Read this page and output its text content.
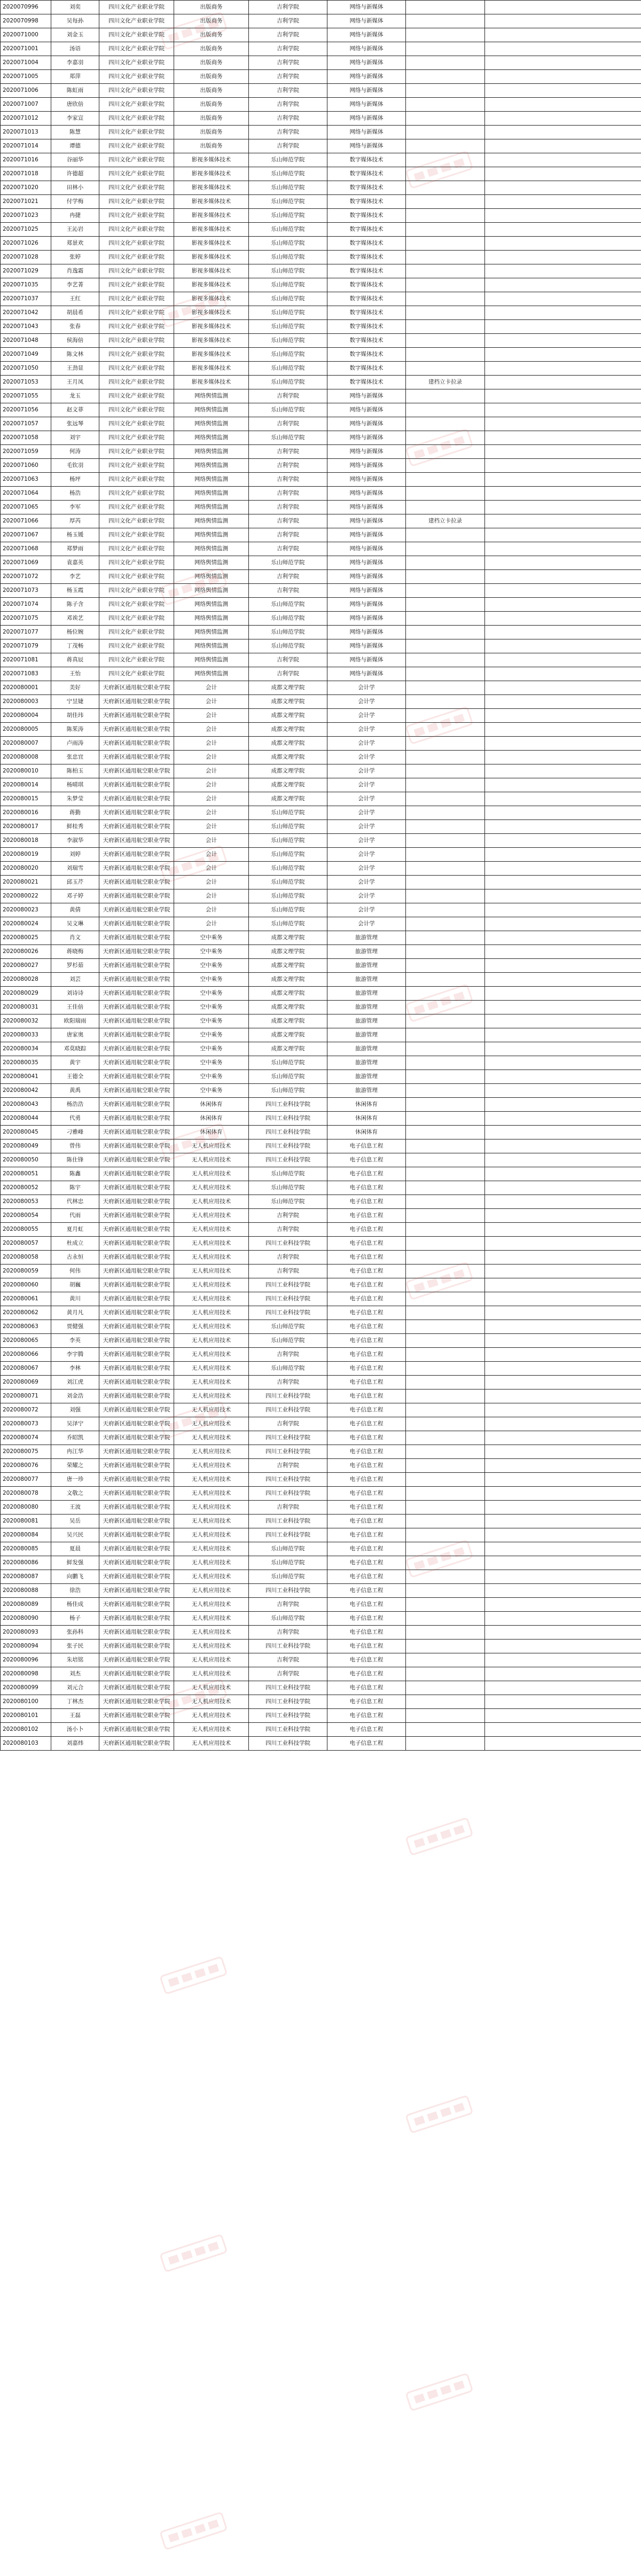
2020070996	刘奕	四川文化产业职业学院	出版商务	吉利学院	网络与新媒体		
2020070998	吴每孙	四川文化产业职业学院	出版商务	吉利学院	网络与新媒体		
2020071000	刘金玉	四川文化产业职业学院	出版商务	吉利学院	网络与新媒体		
2020071001	汤语	四川文化产业职业学院	出版商务	吉利学院	网络与新媒体		
2020071004	李嘉羽	四川文化产业职业学院	出版商务	吉利学院	网络与新媒体		
2020071005	郑萍	四川文化产业职业学院	出版商务	吉利学院	网络与新媒体		
2020071006	陈虹雨	四川文化产业职业学院	出版商务	吉利学院	网络与新媒体		
2020071007	唐欣倍	四川文化产业职业学院	出版商务	吉利学院	网络与新媒体		
2020071012	李家宣	四川文化产业职业学院	出版商务	吉利学院	网络与新媒体		
2020071013	陈慧	四川文化产业职业学院	出版商务	吉利学院	网络与新媒体		
2020071014	谭德	四川文化产业职业学院	出版商务	吉利学院	网络与新媒体		
2020071016	谷丽华	四川文化产业职业学院	影视多媒体技术	乐山师范学院	数字媒体技术		
2020071018	许德超	四川文化产业职业学院	影视多媒体技术	乐山师范学院	数字媒体技术		
2020071020	田林小	四川文化产业职业学院	影视多媒体技术	乐山师范学院	数字媒体技术		
2020071021	付学梅	四川文化产业职业学院	影视多媒体技术	乐山师范学院	数字媒体技术		
2020071023	冉捷	四川文化产业职业学院	影视多媒体技术	乐山师范学院	数字媒体技术		
2020071025	王沁岩	四川文化产业职业学院	影视多媒体技术	乐山师范学院	数字媒体技术		
2020071026	郑景欢	四川文化产业职业学院	影视多媒体技术	乐山师范学院	数字媒体技术		
2020071028	张婷	四川文化产业职业学院	影视多媒体技术	乐山师范学院	数字媒体技术		
2020071029	肖逸霜	四川文化产业职业学院	影视多媒体技术	乐山师范学院	数字媒体技术		
2020071035	李艺菁	四川文化产业职业学院	影视多媒体技术	乐山师范学院	数字媒体技术		
2020071037	王红	四川文化产业职业学院	影视多媒体技术	乐山师范学院	数字媒体技术		
2020071042	胡晨希	四川文化产业职业学院	影视多媒体技术	乐山师范学院	数字媒体技术		
2020071043	张春	四川文化产业职业学院	影视多媒体技术	乐山师范学院	数字媒体技术		
2020071048	侯海倍	四川文化产业职业学院	影视多媒体技术	乐山师范学院	数字媒体技术		
2020071049	陈文林	四川文化产业职业学院	影视多媒体技术	乐山师范学院	数字媒体技术		
2020071050	王劲显	四川文化产业职业学院	影视多媒体技术	乐山师范学院	数字媒体技术		
2020071053	王月凤	四川文化产业职业学院	影视多媒体技术	乐山师范学院	数字媒体技术	建档立卡拉录	
2020071055	龙玉	四川文化产业职业学院	网络舆情监测	吉利学院	网络与新媒体		
2020071056	赵文菲	四川文化产业职业学院	网络舆情监测	乐山师范学院	网络与新媒体		
2020071057	张远琴	四川文化产业职业学院	网络舆情监测	吉利学院	网络与新媒体		
2020071058	刘宇	四川文化产业职业学院	网络舆情监测	乐山师范学院	网络与新媒体		
2020071059	何涛	四川文化产业职业学院	网络舆情监测	吉利学院	网络与新媒体		
2020071060	毛钦羽	四川文化产业职业学院	网络舆情监测	吉利学院	网络与新媒体		
2020071063	杨坪	四川文化产业职业学院	网络舆情监测	吉利学院	网络与新媒体		
2020071064	杨浩	四川文化产业职业学院	网络舆情监测	吉利学院	网络与新媒体		
2020071065	李军	四川文化产业职业学院	网络舆情监测	吉利学院	网络与新媒体		
2020071066	厚芮	四川文化产业职业学院	网络舆情监测	吉利学院	网络与新媒体	建档立卡拉录	
2020071067	杨玉媛	四川文化产业职业学院	网络舆情监测	吉利学院	网络与新媒体		
2020071068	郑梦雨	四川文化产业职业学院	网络舆情监测	吉利学院	网络与新媒体		
2020071069	袁嘉英	四川文化产业职业学院	网络舆情监测	乐山师范学院	网络与新媒体		
2020071072	李艺	四川文化产业职业学院	网络舆情监测	吉利学院	网络与新媒体		
2020071073	杨玉霞	四川文化产业职业学院	网络舆情监测	吉利学院	网络与新媒体		
2020071074	陈子含	四川文化产业职业学院	网络舆情监测	乐山师范学院	网络与新媒体		
2020071075	邓诶艺	四川文化产业职业学院	网络舆情监测	乐山师范学院	网络与新媒体		
2020071077	杨位婉	四川文化产业职业学院	网络舆情监测	乐山师范学院	网络与新媒体		
2020071079	丁茂畅	四川文化产业职业学院	网络舆情监测	乐山师范学院	网络与新媒体		
2020071081	蒋真辰	四川文化产业职业学院	网络舆情监测	吉利学院	网络与新媒体		
2020071083	王怡	四川文化产业职业学院	网络舆情监测	吉利学院	网络与新媒体		
2020080001	美好	天府新区通用航空职业学院	会计	成都文理学院	会计学		
2020080003	宁昱婕	天府新区通用航空职业学院	会计	成都文理学院	会计学		
2020080004	胡佳玮	天府新区通用航空职业学院	会计	成都文理学院	会计学		
2020080005	陈茱涛	天府新区通用航空职业学院	会计	成都文理学院	会计学		
2020080007	卢雨涛	天府新区通用航空职业学院	会计	成都文理学院	会计学		
2020080008	张忠宜	天府新区通用航空职业学院	会计	成都文理学院	会计学		
2020080010	陈柏玉	天府新区通用航空职业学院	会计	成都文理学院	会计学		
2020080014	杨晴琪	天府新区通用航空职业学院	会计	成都文理学院	会计学		
2020080015	朱梦莹	天府新区通用航空职业学院	会计	成都文理学院	会计学		
2020080016	蒋勤	天府新区通用航空职业学院	会计	乐山师范学院	会计学		
2020080017	鲜桂秀	天府新区通用航空职业学院	会计	乐山师范学院	会计学		
2020080018	李淑华	天府新区通用航空职业学院	会计	乐山师范学院	会计学		
2020080019	刘婷	天府新区通用航空职业学院	会计	乐山师范学院	会计学		
2020080020	刘瑞雪	天府新区通用航空职业学院	会计	乐山师范学院	会计学		
2020080021	邱玉芹	天府新区通用航空职业学院	会计	乐山师范学院	会计学		
2020080022	邓子婷	天府新区通用航空职业学院	会计	乐山师范学院	会计学		
2020080023	黄倩	天府新区通用航空职业学院	会计	乐山师范学院	会计学		
2020080024	吴文琳	天府新区通用航空职业学院	会计	乐山师范学院	会计学		
2020080025	肖文	天府新区通用航空职业学院	空中乘务	成都文理学院	旅游管理		
2020080026	蒋晓梅	天府新区通用航空职业学院	空中乘务	成都文理学院	旅游管理		
2020080027	罗杉茹	天府新区通用航空职业学院	空中乘务	成都文理学院	旅游管理		
2020080028	刘芸	天府新区通用航空职业学院	空中乘务	成都文理学院	旅游管理		
2020080029	刘诗诗	天府新区通用航空职业学院	空中乘务	成都文理学院	旅游管理		
2020080031	王佳倍	天府新区通用航空职业学院	空中乘务	成都文理学院	旅游管理		
2020080032	欧阳瑞雨	天府新区通用航空职业学院	空中乘务	成都文理学院	旅游管理		
2020080033	唐家奥	天府新区通用航空职业学院	空中乘务	成都文理学院	旅游管理		
2020080034	邓莫晓踪	天府新区通用航空职业学院	空中乘务	成都文理学院	旅游管理		
2020080035	黄宇	天府新区通用航空职业学院	空中乘务	乐山师范学院	旅游管理		
2020080041	王德全	天府新区通用航空职业学院	空中乘务	乐山师范学院	旅游管理		
2020080042	黄禹	天府新区通用航空职业学院	空中乘务	乐山师范学院	旅游管理		
2020080043	杨浩浩	天府新区通用航空职业学院	休闲体育	四川工业科技学院	休闲体育		
2020080044	代勇	天府新区通用航空职业学院	休闲体育	四川工业科技学院	休闲体育		
2020080045	刁雅峰	天府新区通用航空职业学院	休闲体育	四川工业科技学院	休闲体育		
2020080049	曾伟	天府新区通用航空职业学院	无人机应用技术	四川工业科技学院	电子信息工程		
2020080050	陈仕锋	天府新区通用航空职业学院	无人机应用技术	四川工业科技学院	电子信息工程		
2020080051	陈鑫	天府新区通用航空职业学院	无人机应用技术	乐山师范学院	电子信息工程		
2020080052	陈宇	天府新区通用航空职业学院	无人机应用技术	乐山师范学院	电子信息工程		
2020080053	代林忠	天府新区通用航空职业学院	无人机应用技术	乐山师范学院	电子信息工程		
2020080054	代雨	天府新区通用航空职业学院	无人机应用技术	吉利学院	电子信息工程		
2020080055	夏月虹	天府新区通用航空职业学院	无人机应用技术	吉利学院	电子信息工程		
2020080057	杜成立	天府新区通用航空职业学院	无人机应用技术	四川工业科技学院	电子信息工程		
2020080058	古永恒	天府新区通用航空职业学院	无人机应用技术	吉利学院	电子信息工程		
2020080059	何伟	天府新区通用航空职业学院	无人机应用技术	吉利学院	电子信息工程		
2020080060	胡巍	天府新区通用航空职业学院	无人机应用技术	四川工业科技学院	电子信息工程		
2020080061	黄川	天府新区通用航空职业学院	无人机应用技术	四川工业科技学院	电子信息工程		
2020080062	黄月凡	天府新区通用航空职业学院	无人机应用技术	四川工业科技学院	电子信息工程		
2020080063	贾健强	天府新区通用航空职业学院	无人机应用技术	乐山师范学院	电子信息工程		
2020080065	李英	天府新区通用航空职业学院	无人机应用技术	乐山师范学院	电子信息工程		
2020080066	李宇腾	天府新区通用航空职业学院	无人机应用技术	吉利学院	电子信息工程		
2020080067	李林	天府新区通用航空职业学院	无人机应用技术	乐山师范学院	电子信息工程		
2020080069	刘江虎	天府新区通用航空职业学院	无人机应用技术	吉利学院	电子信息工程		
2020080071	刘金浩	天府新区通用航空职业学院	无人机应用技术	四川工业科技学院	电子信息工程		
2020080072	刘强	天府新区通用航空职业学院	无人机应用技术	四川工业科技学院	电子信息工程		
2020080073	吴泽宁	天府新区通用航空职业学院	无人机应用技术	吉利学院	电子信息工程		
2020080074	乔昭凯	天府新区通用航空职业学院	无人机应用技术	四川工业科技学院	电子信息工程		
2020080075	冉江华	天府新区通用航空职业学院	无人机应用技术	四川工业科技学院	电子信息工程		
2020080076	荣耀之	天府新区通用航空职业学院	无人机应用技术	吉利学院	电子信息工程		
2020080077	唐一珍	天府新区通用航空职业学院	无人机应用技术	四川工业科技学院	电子信息工程		
2020080078	文敬之	天府新区通用航空职业学院	无人机应用技术	四川工业科技学院	电子信息工程		
2020080080	王波	天府新区通用航空职业学院	无人机应用技术	吉利学院	电子信息工程		
2020080081	吴岳	天府新区通用航空职业学院	无人机应用技术	四川工业科技学院	电子信息工程		
2020080084	吴兴民	天府新区通用航空职业学院	无人机应用技术	四川工业科技学院	电子信息工程		
2020080085	夏晨	天府新区通用航空职业学院	无人机应用技术	乐山师范学院	电子信息工程		
2020080086	鲜发强	天府新区通用航空职业学院	无人机应用技术	乐山师范学院	电子信息工程		
2020080087	向鹏飞	天府新区通用航空职业学院	无人机应用技术	乐山师范学院	电子信息工程		
2020080088	徐浩	天府新区通用航空职业学院	无人机应用技术	四川工业科技学院	电子信息工程		
2020080089	杨佳成	天府新区通用航空职业学院	无人机应用技术	吉利学院	电子信息工程		
2020080090	杨子	天府新区通用航空职业学院	无人机应用技术	乐山师范学院	电子信息工程		
2020080093	张孙科	天府新区通用航空职业学院	无人机应用技术	吉利学院	电子信息工程		
2020080094	张子民	天府新区通用航空职业学院	无人机应用技术	四川工业科技学院	电子信息工程		
2020080096	朱培铭	天府新区通用航空职业学院	无人机应用技术	吉利学院	电子信息工程		
2020080098	刘杰	天府新区通用航空职业学院	无人机应用技术	吉利学院	电子信息工程		
2020080099	刘元合	天府新区通用航空职业学院	无人机应用技术	四川工业科技学院	电子信息工程		
2020080100	丁林杰	天府新区通用航空职业学院	无人机应用技术	四川工业科技学院	电子信息工程		
2020080101	王磊	天府新区通用航空职业学院	无人机应用技术	四川工业科技学院	电子信息工程		
2020080102	汤小卜	天府新区通用航空职业学院	无人机应用技术	四川工业科技学院	电子信息工程		
2020080103	刘嘉炜	天府新区通用航空职业学院	无人机应用技术	四川工业科技学院	电子信息工程		
